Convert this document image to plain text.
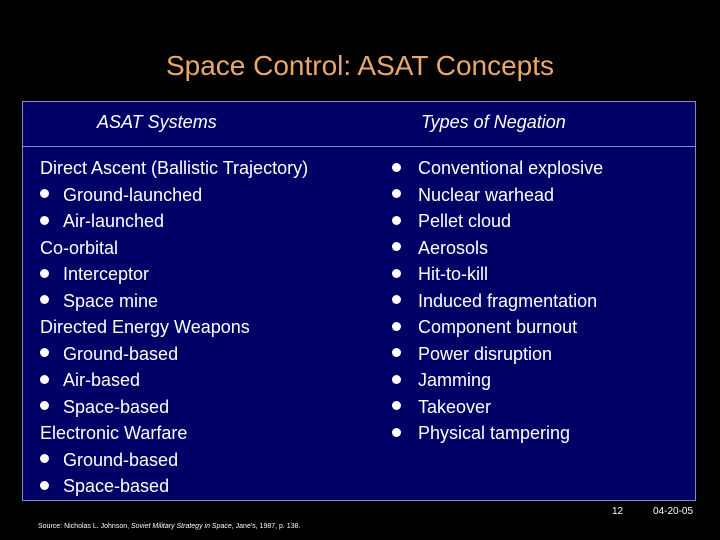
Space Control: ASAT Concepts
ASAT Systems	Types of Negation
Direct Ascent (Ballistic Trajectory)
Ground-launched
Air-launched
Co-orbital
Interceptor
Space mine
Directed Energy Weapons
Ground-based
Air-based
Space-based
Electronic Warfare
Ground-based
Space-based
Conventional explosive
Nuclear warhead
Pellet cloud
Aerosols
Hit-to-kill
Induced fragmentation
Component burnout
Power disruption
Jamming
Takeover
Physical tampering
12	04-20-05
Source: Nicholas L. Johnson, Soviet Military Strategy in Space, Jane's, 1987, p. 138.
